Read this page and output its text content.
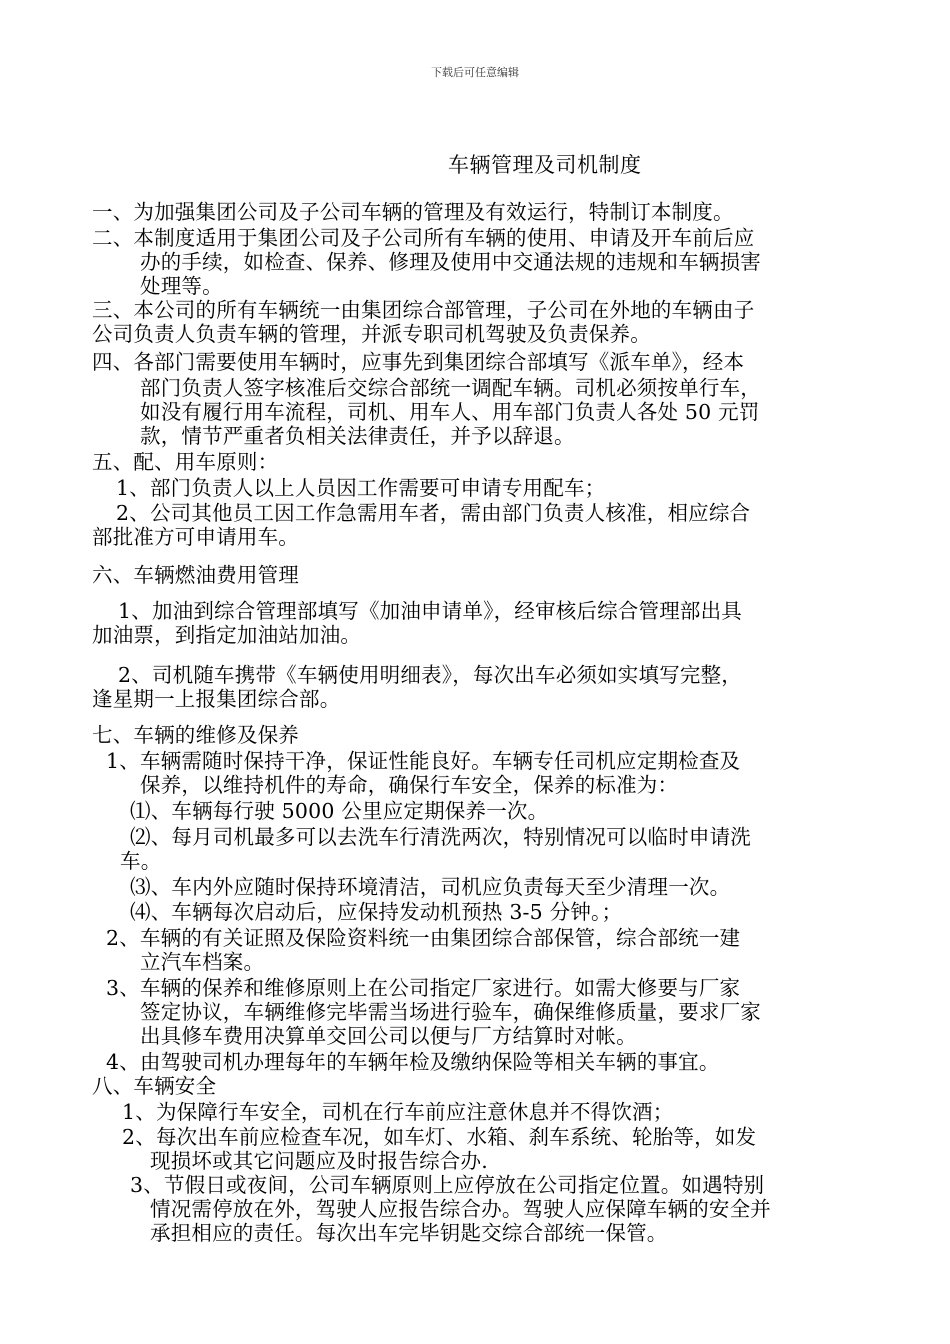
下载后可任意编辑
车辆管理及司机制度
一、为加强集团公司及子公司车辆的管理及有效运行，特制订本制度。
二、本制度适用于集团公司及子公司所有车辆的使用、申请及开车前后应
办的手续，如检查、保养、修理及使用中交通法规的违规和车辆损害
处理等。
三、本公司的所有车辆统一由集团综合部管理，子公司在外地的车辆由子
公司负责人负责车辆的管理，并派专职司机驾驶及负责保养。
四、各部门需要使用车辆时，应事先到集团综合部填写《派车单》，经本
部门负责人签字核准后交综合部统一调配车辆。司机必须按单行车，
如没有履行用车流程，司机、用车人、用车部门负责人各处 50 元罚
款，情节严重者负相关法律责任，并予以辞退。
五、配、用车原则：
1、部门负责人以上人员因工作需要可申请专用配车；
2、公司其他员工因工作急需用车者，需由部门负责人核准，相应综合
部批准方可申请用车。
六、车辆燃油费用管理
1、加油到综合管理部填写《加油申请单》，经审核后综合管理部出具
加油票，到指定加油站加油。
2、司机随车携带《车辆使用明细表》，每次出车必须如实填写完整，
逢星期一上报集团综合部。
七、车辆的维修及保养
1、车辆需随时保持干净，保证性能良好。车辆专任司机应定期检查及
保养，以维持机件的寿命，确保行车安全，保养的标准为：
⑴、车辆每行驶 5000 公里应定期保养一次。
⑵、每月司机最多可以去洗车行清洗两次，特别情况可以临时申请洗
车。
⑶、车内外应随时保持环境清洁，司机应负责每天至少清理一次。
⑷、车辆每次启动后，应保持发动机预热 3-5 分钟。；
2、车辆的有关证照及保险资料统一由集团综合部保管，综合部统一建
立汽车档案。
3、车辆的保养和维修原则上在公司指定厂家进行。如需大修要与厂家
签定协议，车辆维修完毕需当场进行验车，确保维修质量，要求厂家
出具修车费用决算单交回公司以便与厂方结算时对帐。
4、由驾驶司机办理每年的车辆年检及缴纳保险等相关车辆的事宜。
八、车辆安全
1、为保障行车安全，司机在行车前应注意休息并不得饮酒；
2、每次出车前应检查车况，如车灯、水箱、刹车系统、轮胎等，如发
现损坏或其它问题应及时报告综合办.
3、节假日或夜间，公司车辆原则上应停放在公司指定位置。如遇特别
情况需停放在外，驾驶人应报告综合办。驾驶人应保障车辆的安全并
承担相应的责任。每次出车完毕钥匙交综合部统一保管。
